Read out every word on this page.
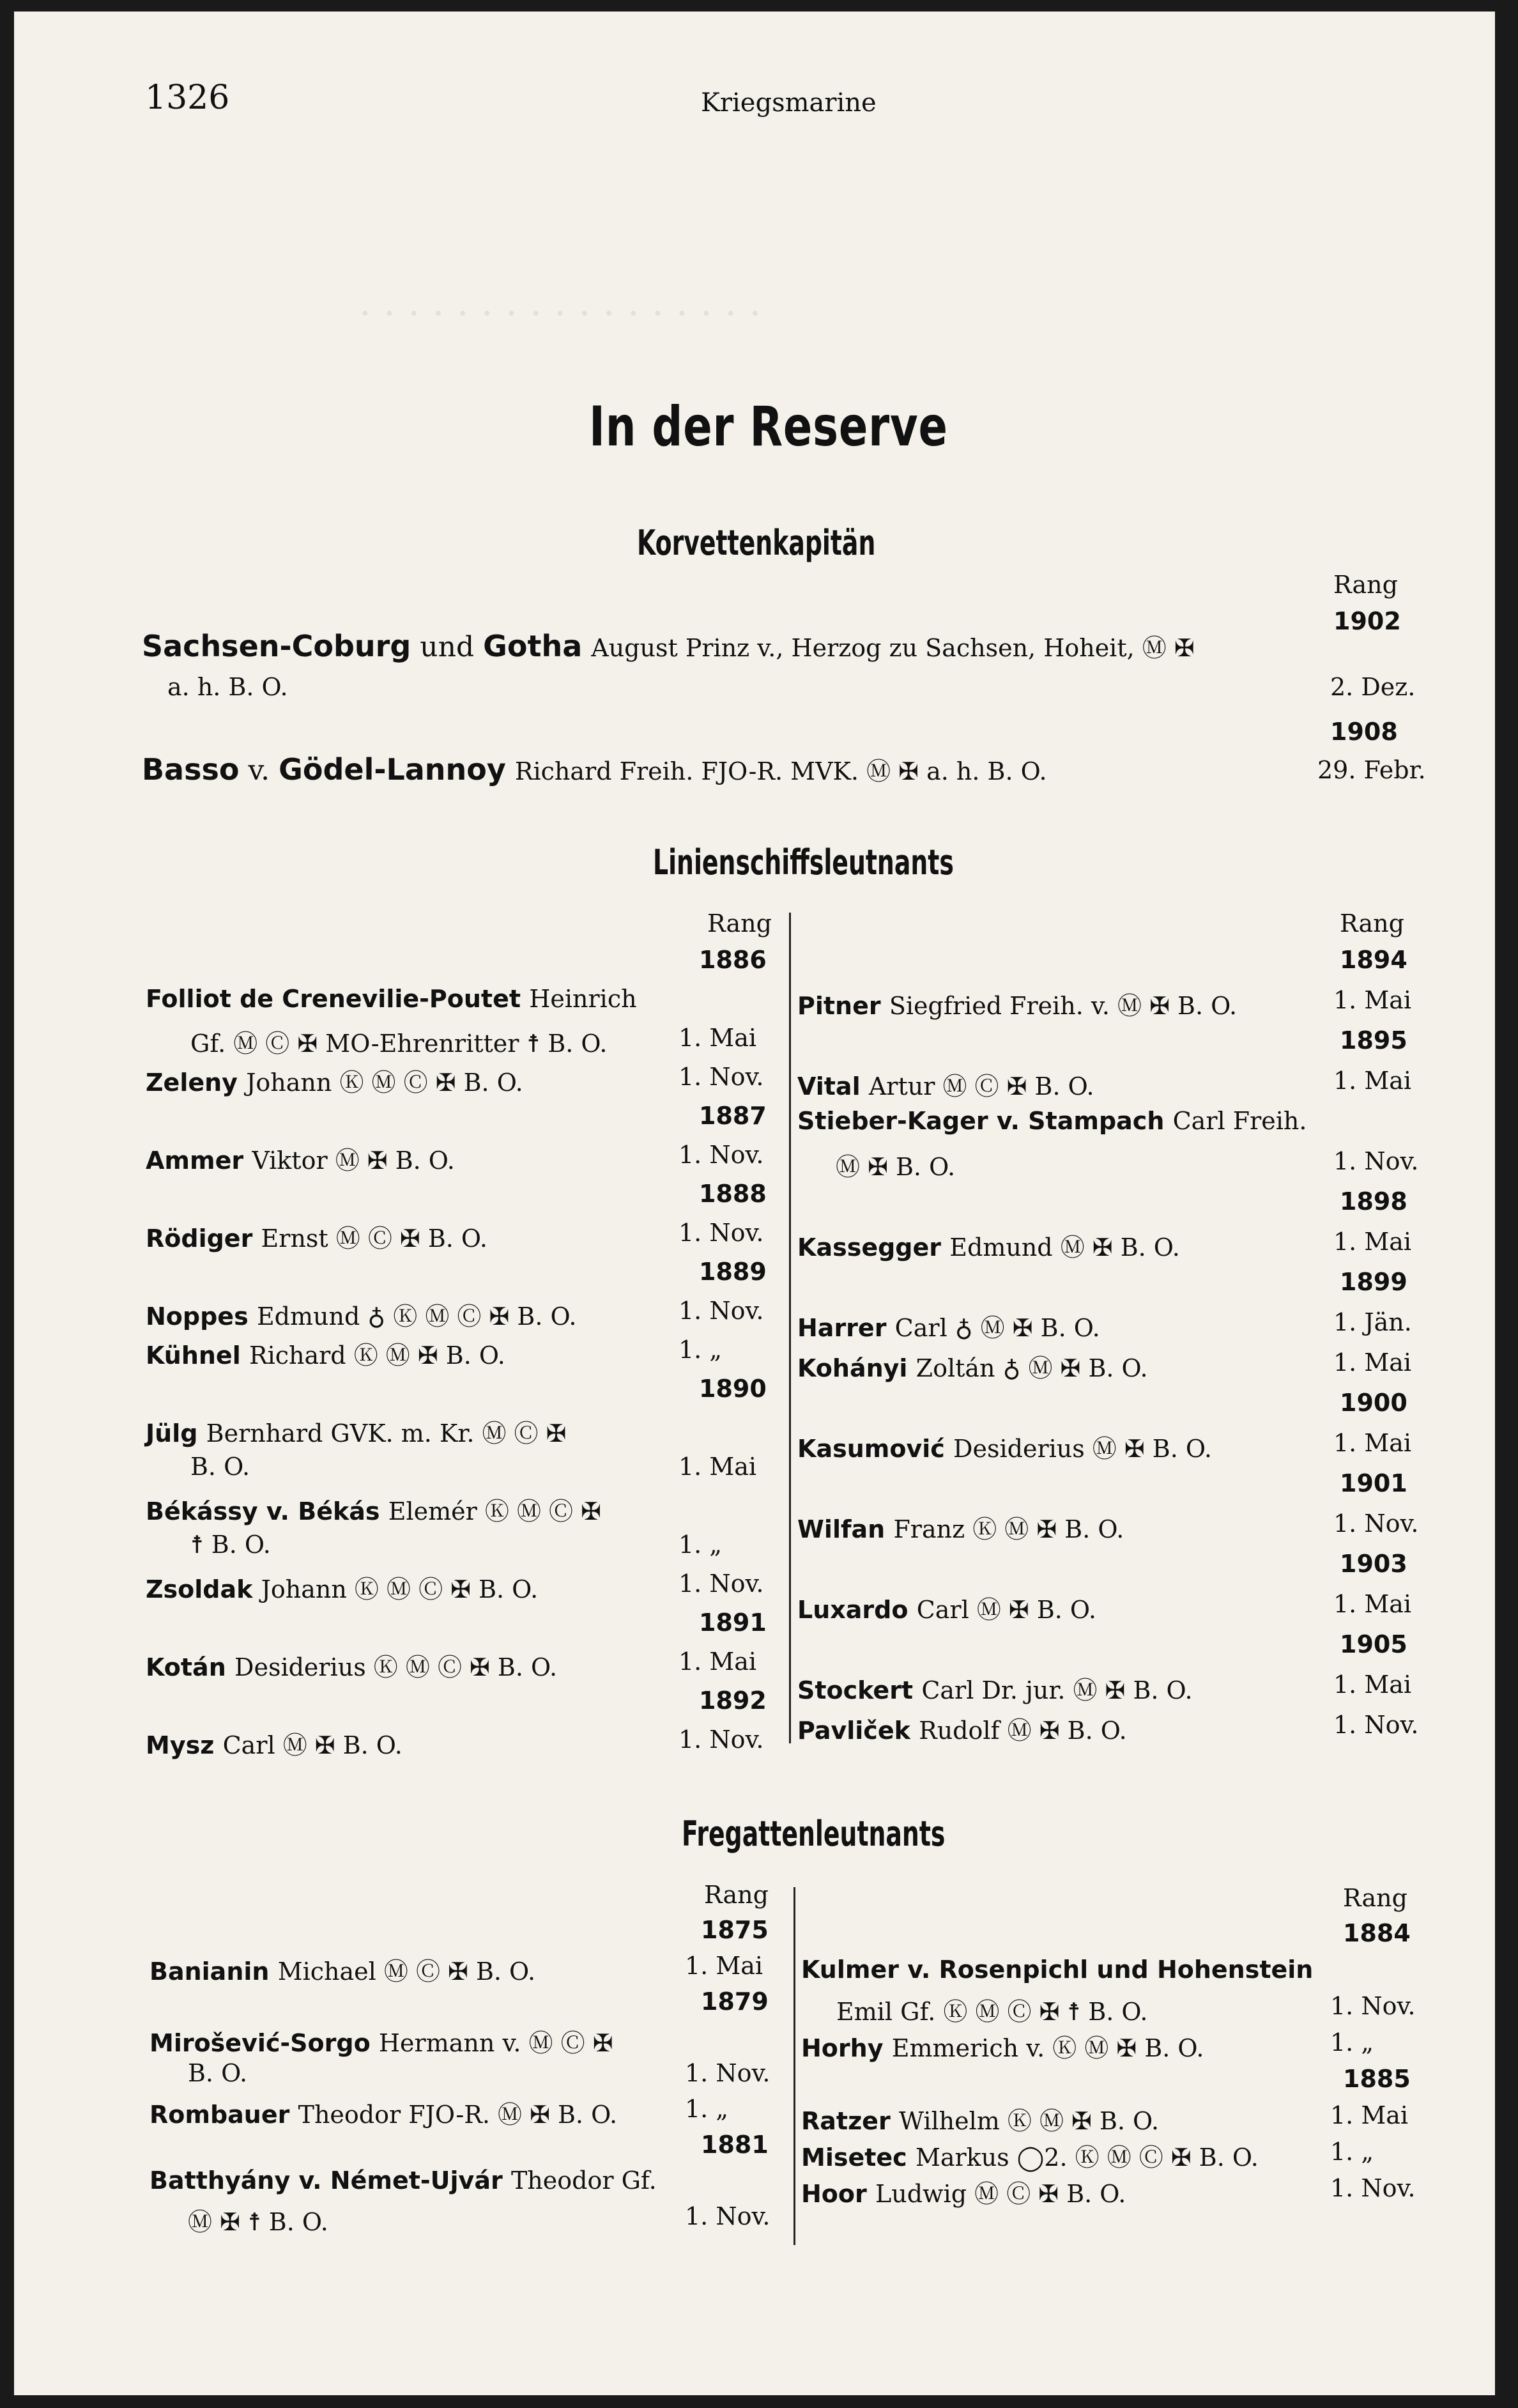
. . . . . . . . . . . . . . . . .
1326	Kriegsmarine
In der Reserve
Korvettenkapitän
Rang
1902
Sachsen-Coburg und Gotha August Prinz v., Herzog zu Sachsen, Hoheit, Ⓜ ✠
a. h. B. O.	2. Dez.
1908
Basso v. Gödel-Lannoy Richard Freih. FJO-R. MVK. Ⓜ ✠ a. h. B. O.	29. Febr.
Linienschiffsleutnants
Rang	Rang
Fregattenleutnants
Rang	Rang
1886
Folliot de Crenevilie-Poutet Heinrich
Gf. Ⓜ Ⓒ ✠ MO-Ehrenritter ☨ B. O.	1. Mai
Zeleny Johann Ⓚ Ⓜ Ⓒ ✠ B. O.	1. Nov.
1887
Ammer Viktor Ⓜ ✠ B. O.	1. Nov.
1888
Rödiger Ernst Ⓜ Ⓒ ✠ B. O.	1. Nov.
1889
Noppes Edmund ♁ Ⓚ Ⓜ Ⓒ ✠ B. O.	1. Nov.
Kühnel Richard Ⓚ Ⓜ ✠ B. O.	1. „
1890
Jülg Bernhard GVK. m. Kr. Ⓜ Ⓒ ✠
B. O.	1. Mai
Békássy v. Békás Elemér Ⓚ Ⓜ Ⓒ ✠
☨ B. O.	1. „
Zsoldak Johann Ⓚ Ⓜ Ⓒ ✠ B. O.	1. Nov.
1891
Kotán Desiderius Ⓚ Ⓜ Ⓒ ✠ B. O.	1. Mai
1892
Mysz Carl Ⓜ ✠ B. O.	1. Nov.
1894
Pitner Siegfried Freih. v. Ⓜ ✠ B. O.	1. Mai
1895
Vital Artur Ⓜ Ⓒ ✠ B. O.	1. Mai
Stieber-Kager v. Stampach Carl Freih.
Ⓜ ✠ B. O.	1. Nov.
1898
Kassegger Edmund Ⓜ ✠ B. O.	1. Mai
1899
Harrer Carl ♁ Ⓜ ✠ B. O.	1. Jän.
Kohányi Zoltán ♁ Ⓜ ✠ B. O.	1. Mai
1900
Kasumović Desiderius Ⓜ ✠ B. O.	1. Mai
1901
Wilfan Franz Ⓚ Ⓜ ✠ B. O.	1. Nov.
1903
Luxardo Carl Ⓜ ✠ B. O.	1. Mai
1905
Stockert Carl Dr. jur. Ⓜ ✠ B. O.	1. Mai
Pavliček Rudolf Ⓜ ✠ B. O.	1. Nov.
1875
Banianin Michael Ⓜ Ⓒ ✠ B. O.	1. Mai
1879
Mirošević-Sorgo Hermann v. Ⓜ Ⓒ ✠
B. O.	1. Nov.
Rombauer Theodor FJO-R. Ⓜ ✠ B. O.	1. „
1881
Batthyány v. Német-Ujvár Theodor Gf.
Ⓜ ✠ ☨ B. O.	1. Nov.
1884
Kulmer v. Rosenpichl und Hohenstein
Emil Gf. Ⓚ Ⓜ Ⓒ ✠ ☨ B. O.	1. Nov.
Horhy Emmerich v. Ⓚ Ⓜ ✠ B. O.	1. „
1885
Ratzer Wilhelm Ⓚ Ⓜ ✠ B. O.	1. Mai
Misetec Markus ◯2. Ⓚ Ⓜ Ⓒ ✠ B. O.	1. „
Hoor Ludwig Ⓜ Ⓒ ✠ B. O.	1. Nov.
